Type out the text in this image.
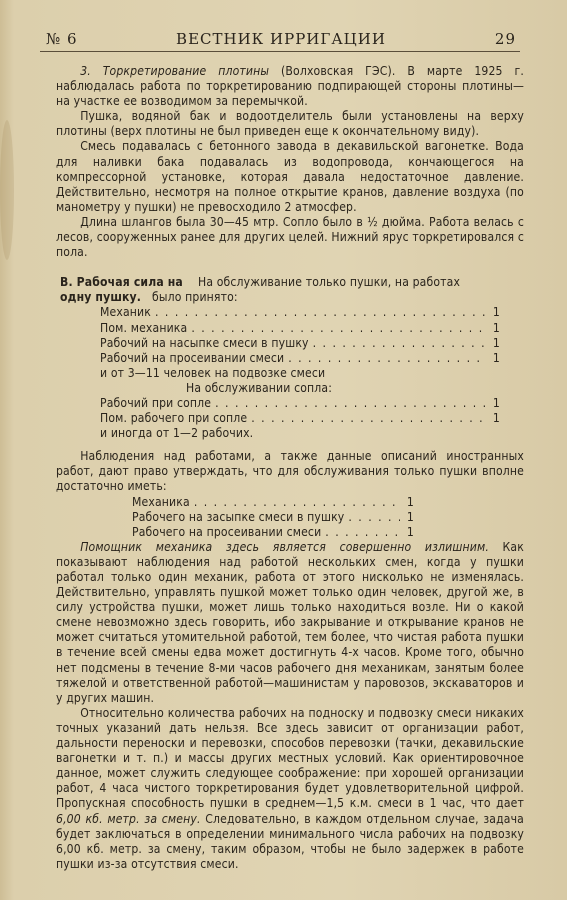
№ 6	ВЕСТНИК ИРРИГАЦИИ	29

3. Торкретирование плотины (Волховская ГЭС). В марте 1925 г. наблюдалась работа по торкретированию подпирающей стороны плотины—на участке ее возводимом за перемычкой.

Пушка, водяной бак и водоотделитель были установлены на верху плотины (верх плотины не был приведен еще к окончательному виду).

Смесь подавалась с бетонного завода в декавильской вагонетке. Вода для наливки бака подавалась из водопровода, кончающегося на компрессорной установке, которая давала недостаточное давление. Действительно, несмотря на полное открытие кранов, давление воздуха (по манометру у пушки) не превосходило 2 атмосфер.

Длина шлангов была 30—45 мтр. Сопло было в ½ дюйма. Работа велась с лесов, сооруженных ранее для других целей. Нижний ярус торкретировался с пола.

В. Рабочая сила на	На обслуживание только пушки, на работах
одну пушку. было принято:
Механик . . .	1
Пом. механика . . .	1
Рабочий на насыпке смеси в пушку . . .	1
Рабочий на просеивании смеси . . .	1
и от 3—11 человек на подвозке смеси
На обслуживании сопла:
Рабочий при сопле . . .	1
Пом. рабочего при сопле . . .	1
и иногда от 1—2 рабочих.

Наблюдения над работами, а также данные описаний иностранных работ, дают право утверждать, что для обслуживания только пушки вполне достаточно иметь:

Механика . . .	1
Рабочего на засыпке смеси в пушку . . .	1
Рабочего на просеивании смеси . . .	1

Помощник механика здесь является совершенно излишним. Как показывают наблюдения над работой нескольких смен, когда у пушки работал только один механик, работа от этого нисколько не изменялась. Действительно, управлять пушкой может только один человек, другой же, в силу устройства пушки, может лишь только находиться возле. Ни о какой смене невозможно здесь говорить, ибо закрывание и открывание кранов не может считаться утомительной работой, тем более, что чистая работа пушки в течение всей смены едва может достигнуть 4-х часов. Кроме того, обычно нет подсмены в течение 8-ми часов рабочего дня механикам, занятым более тяжелой и ответственной работой—машинистам у паровозов, экскаваторов и у других машин.

Относительно количества рабочих на подноску и подвозку смеси никаких точных указаний дать нельзя. Все здесь зависит от организации работ, дальности переноски и перевозки, способов перевозки (тачки, декавильские вагонетки и т. п.) и массы других местных условий. Как ориентировочное данное, может служить следующее соображение: при хорошей организации работ, 4 часа чистого торкретирования будет удовлетворительной цифрой. Пропускная способность пушки в среднем—1,5 к.м. смеси в 1 час, что дает 6,00 кб. метр. за смену. Следовательно, в каждом отдельном случае, задача будет заключаться в определении минимального числа рабочих на подвозку 6,00 кб. метр. за смену, таким образом, чтобы не было задержек в работе пушки из-за отсутствия смеси.
